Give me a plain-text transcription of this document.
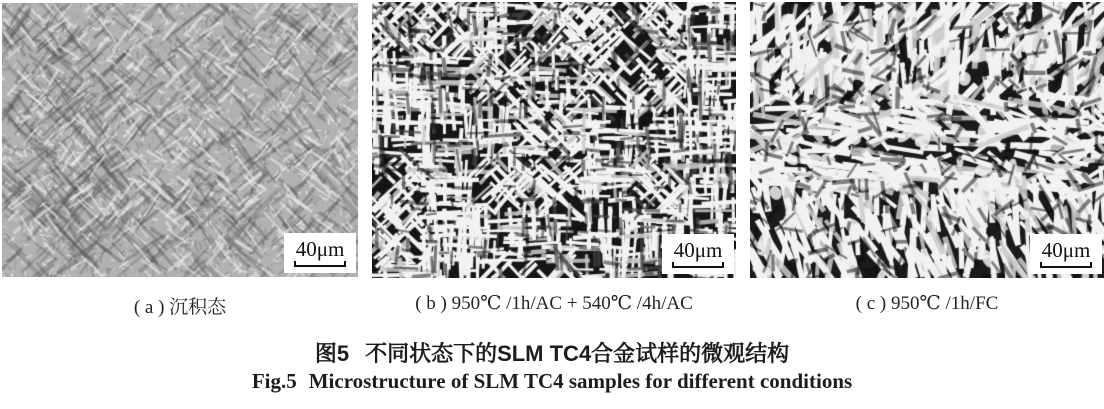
40μm	40μm	40μm
( a ) 沉积态	( b ) 950℃ /1h/AC + 540℃ /4h/AC	( c ) 950℃ /1h/FC
图5 不同状态下的SLM TC4合金试样的微观结构
Fig.5 Microstructure of SLM TC4 samples for different conditions
